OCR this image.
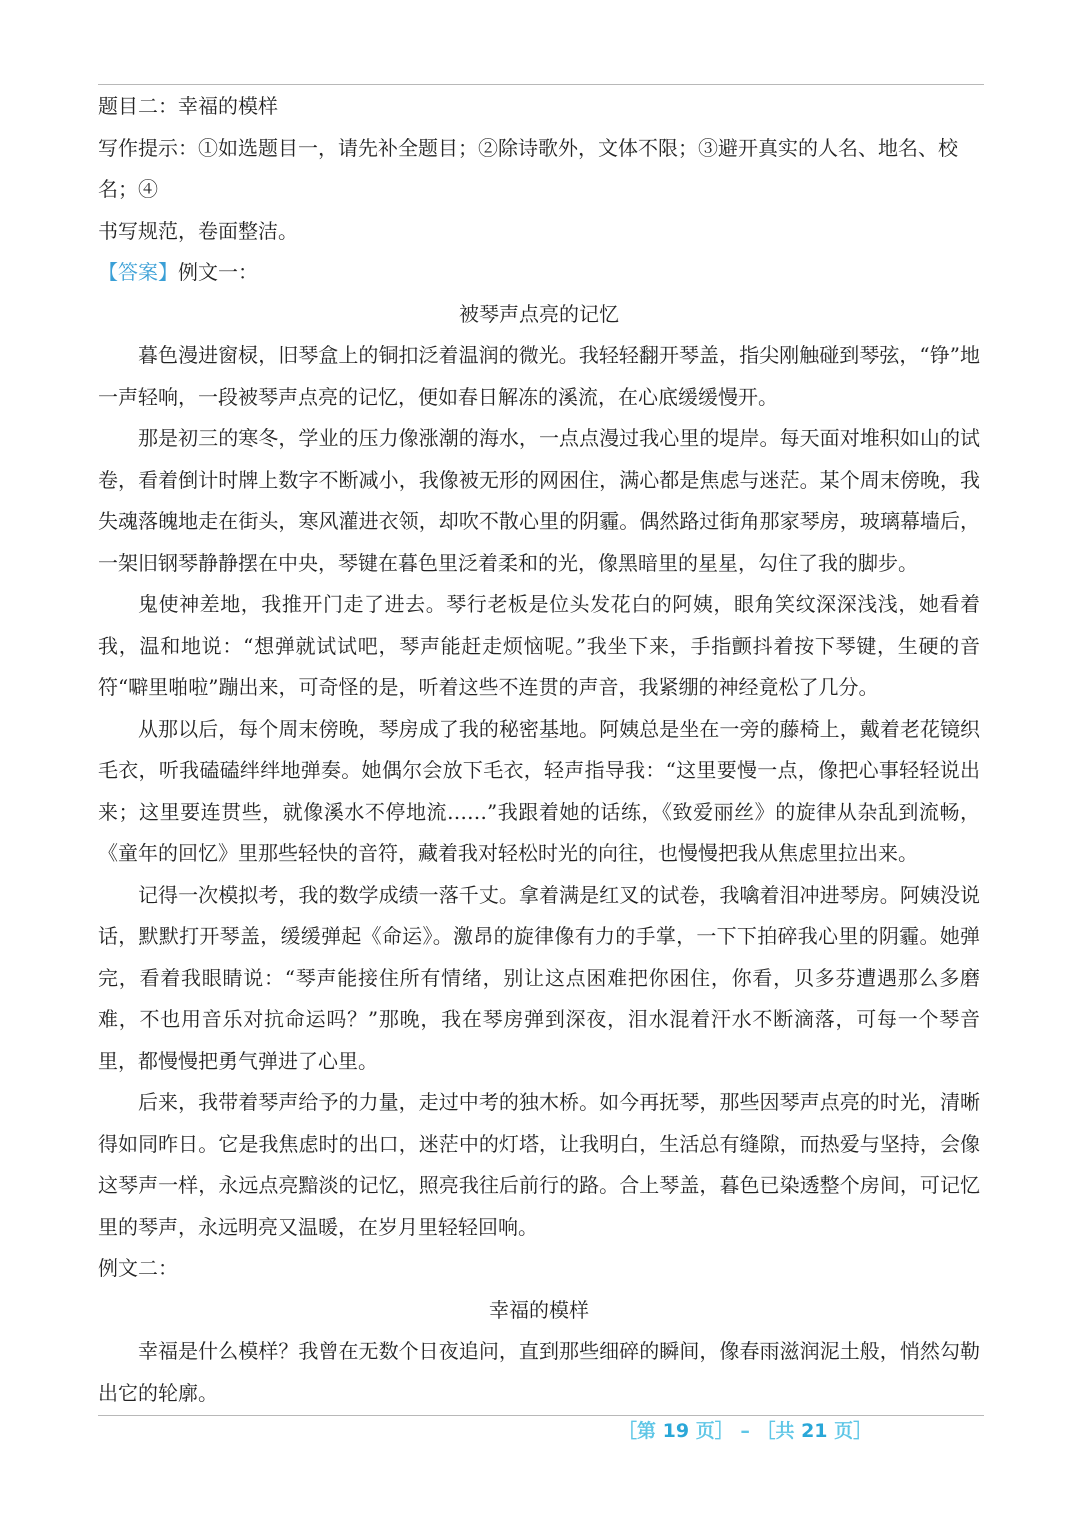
题目二：幸福的模样

写作提示：①如选题目一，请先补全题目；②除诗歌外，文体不限；③避开真实的人名、地名、校名；④
书写规范，卷面整洁。

【答案】例文一：

被琴声点亮的记忆

暮色漫进窗棂，旧琴盒上的铜扣泛着温润的微光。我轻轻翻开琴盖，指尖刚触碰到琴弦，“铮”地一声轻响，一段被琴声点亮的记忆，便如春日解冻的溪流，在心底缓缓慢开。

那是初三的寒冬，学业的压力像涨潮的海水，一点点漫过我心里的堤岸。每天面对堆积如山的试卷，看着倒计时牌上数字不断减小，我像被无形的网困住，满心都是焦虑与迷茫。某个周末傍晚，我失魂落魄地走在街头，寒风灌进衣领，却吹不散心里的阴霾。偶然路过街角那家琴房，玻璃幕墙后，一架旧钢琴静静摆在中央，琴键在暮色里泛着柔和的光，像黑暗里的星星，勾住了我的脚步。

鬼使神差地，我推开门走了进去。琴行老板是位头发花白的阿姨，眼角笑纹深深浅浅，她看着我，温和地说：“想弹就试试吧，琴声能赶走烦恼呢。”我坐下来，手指颤抖着按下琴键，生硬的音符“噼里啪啦”蹦出来，可奇怪的是，听着这些不连贯的声音，我紧绷的神经竟松了几分。

从那以后，每个周末傍晚，琴房成了我的秘密基地。阿姨总是坐在一旁的藤椅上，戴着老花镜织毛衣，听我磕磕绊绊地弹奏。她偶尔会放下毛衣，轻声指导我：“这里要慢一点，像把心事轻轻说出来；这里要连贯些，就像溪水不停地流……”我跟着她的话练，《致爱丽丝》的旋律从杂乱到流畅，《童年的回忆》里那些轻快的音符，藏着我对轻松时光的向往，也慢慢把我从焦虑里拉出来。

记得一次模拟考，我的数学成绩一落千丈。拿着满是红叉的试卷，我噙着泪冲进琴房。阿姨没说话，默默打开琴盖，缓缓弹起《命运》。激昂的旋律像有力的手掌，一下下拍碎我心里的阴霾。她弹完，看着我眼睛说：“琴声能接住所有情绪，别让这点困难把你困住，你看，贝多芬遭遇那么多磨难，不也用音乐对抗命运吗？”那晚，我在琴房弹到深夜，泪水混着汗水不断滴落，可每一个琴音里，都慢慢把勇气弹进了心里。

后来，我带着琴声给予的力量，走过中考的独木桥。如今再抚琴，那些因琴声点亮的时光，清晰得如同昨日。它是我焦虑时的出口，迷茫中的灯塔，让我明白，生活总有缝隙，而热爱与坚持，会像这琴声一样，永远点亮黯淡的记忆，照亮我往后前行的路。合上琴盖，暮色已染透整个房间，可记忆里的琴声，永远明亮又温暖，在岁月里轻轻回响。

例文二：

幸福的模样

幸福是什么模样？我曾在无数个日夜追问，直到那些细碎的瞬间，像春雨滋润泥土般，悄然勾勒出它的轮廓。

［第 19 页］ – ［共 21 页］
